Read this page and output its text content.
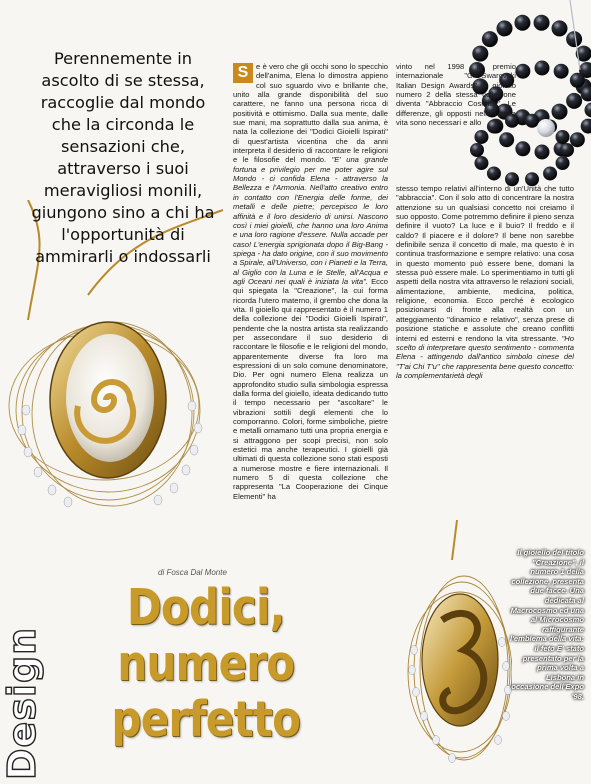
Perennemente in ascolto di se stessa, raccoglie dal mondo che la circonda le sensazioni che, attraverso i suoi meravigliosi monili, giungono sino a chi ha l'opportunità di ammirarli o indossarli
S	e è vero che gli occhi sono lo specchio dell'anima, Elena lo dimostra appieno col suo sguardo vivo e brillante che, unito alla grande disponibilità del suo carattere, ne fanno una persona ricca di positività e ottimismo. Dalla sua mente, dalle sue mani, ma soprattutto dalla sua anima, è nata la collezione dei "Dodici Gioielli Ispirati" di quest'artista vicentina che da anni interpreta il desiderio di raccontare le religioni e le filosofie del mondo. "E' una grande fortuna e privilegio per me poter agire sul Mondo - ci confida Elena - attraverso la Bellezza e l'Armonia. Nell'atto creativo entro in contatto con l'Energia delle forme, dei metalli e delle pietre; percepisco le loro affinità e il loro desiderio di unirsi. Nascono così i miei gioielli, che hanno una loro Anima e una loro ragione d'essere. Nulla accade per caso! L'energia sprigionata dopo il Big-Bang - spiega - ha dato origine, con il suo movimento a Spirale, all'Universo, con i Pianeti e la Terra, al Giglio con la Luna e le Stelle, all'Acqua e agli Oceani nei quali è iniziata la vita". Ecco qui spiegata la "Creazione", la cui forma ricorda l'utero materno, il grembo che dona la vita. Il gioiello qui rappresentato è il numero 1 della collezione dei "Dodici Gioielli Ispirati", pendente che la nostra artista sta realizzando per assecondare il suo desiderio di raccontare le filosofie e le religioni del mondo, apparentemente diverse fra loro ma espressioni di un solo comune denominatore, Dio. Per ogni numero Elena realizza un approfondito studio sulla simbologia espressa dalla forma del gioiello, ideata dedicando tutto il tempo necessario per "ascoltare" le vibrazioni sottili degli elementi che lo comporranno. Colori, forme simboliche, pietre e metalli ornamano tutti una propria energia e si attraggono per scopi precisi, non solo estetici ma anche terapeutici. I gioielli già ultimati di questa collezione sono stati esposti a numerose mostre e fiere internazionali. Il numero 5 di questa collezione che rappresenta "La Cooperazione dei Cinque Elementi" ha

vinto nel 1998 il premio internazionale "Gia-Swarovski Italian Design Awards". Il gioiello numero 2 della stessa collezione diventa "Abbraccio Cosmico". Le differenze, gli opposti nella nostra vita sono necessari e allo

stesso tempo relativi all'interno di un'Unità che tutto "abbraccia". Con il solo atto di concentrare la nostra attenzione su un qualsiasi concetto noi creiamo il suo opposto. Come potremmo definire il pieno senza definire il vuoto? La luce e il buio? Il freddo e il caldo? Il piacere e il dolore? Il bene non sarebbe definibile senza il concetto di male, ma questo è in continua trasformazione e sempre relativo: una cosa in questo momento può essere bene, domani la stessa può essere male. Lo sperimentiamo in tutti gli aspetti della nostra vita attraverso le relazioni sociali, alimentazione, ambiente, medicina, politica, religione, economia. Ecco perché è ecologico posizionarsi di fronte alla realtà con un atteggiamento "dinamico e relativo", senza prese di posizione statiche e assolute che creano conflitti interni ed esterni e rendono la vita stressante. "Ho scelto di interpretare questo sentimento - commenta Elena - attingendo dall'antico simbolo cinese del "T'ai Chi T'u" che rappresenta bene questo concetto: la complementarietà degli

Il gioiello del titolo "Creazione", il numero 1 della collezione, presenta due facce. Una dedicata al Macrocosmo ed una al Microcosmo raffigurante l'emblema della vita: il feto E' stato presentato per la prima volta a Lisbona in occasione dell'Expo '98.
di Fosca Dal Monte
Dodici,
numero
perfetto
Design
